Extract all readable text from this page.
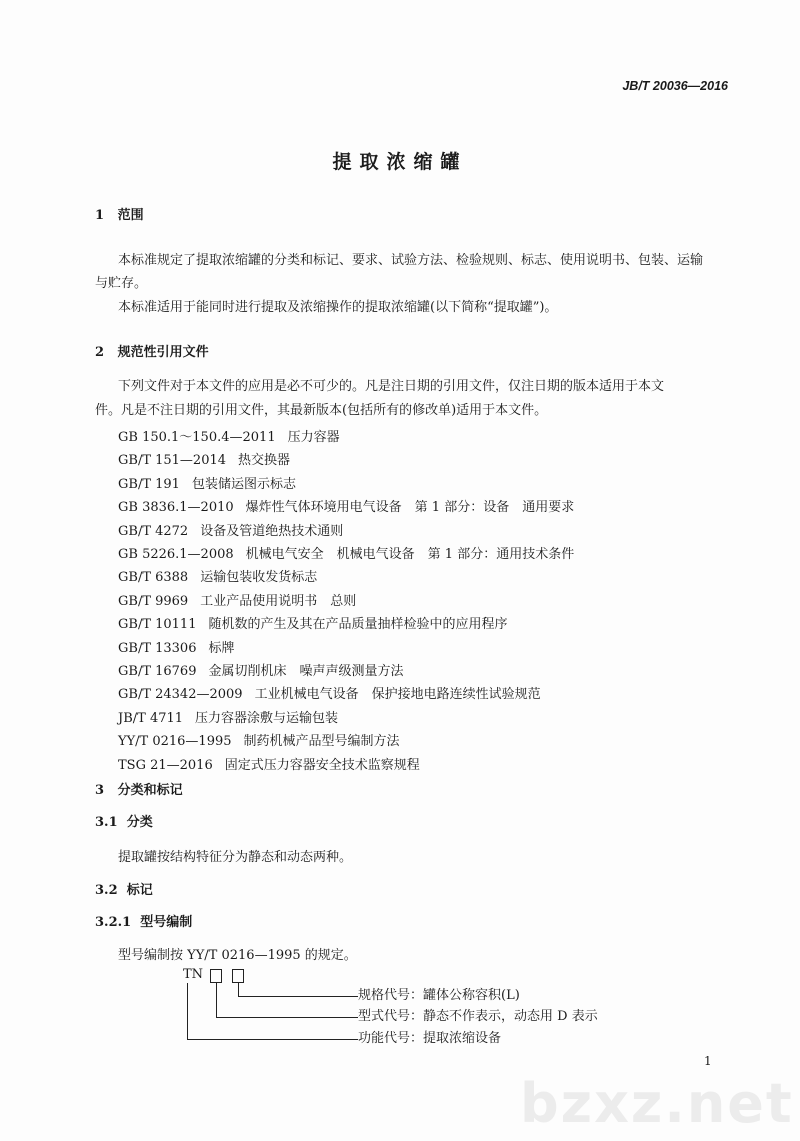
JB/T 20036—2016
提取浓缩罐
1 范围
本标准规定了提取浓缩罐的分类和标记、要求、试验方法、检验规则、标志、使用说明书、包装、运输
与贮存。
本标准适用于能同时进行提取及浓缩操作的提取浓缩罐(以下简称“提取罐”)。
2 规范性引用文件
下列文件对于本文件的应用是必不可少的。凡是注日期的引用文件，仅注日期的版本适用于本文
件。凡是不注日期的引用文件，其最新版本(包括所有的修改单)适用于本文件。
GB 150.1～150.4—2011 压力容器
GB/T 151—2014 热交换器
GB/T 191 包装储运图示标志
GB 3836.1—2010 爆炸性气体环境用电气设备　第 1 部分：设备　通用要求
GB/T 4272 设备及管道绝热技术通则
GB 5226.1—2008 机械电气安全　机械电气设备　第 1 部分：通用技术条件
GB/T 6388 运输包装收发货标志
GB/T 9969 工业产品使用说明书　总则
GB/T 10111 随机数的产生及其在产品质量抽样检验中的应用程序
GB/T 13306 标牌
GB/T 16769 金属切削机床　噪声声级测量方法
GB/T 24342—2009 工业机械电气设备　保护接地电路连续性试验规范
JB/T 4711 压力容器涂敷与运输包装
YY/T 0216—1995 制药机械产品型号编制方法
TSG 21—2016 固定式压力容器安全技术监察规程
3 分类和标记
3.1 分类
提取罐按结构特征分为静态和动态两种。
3.2 标记
3.2.1 型号编制
型号编制按 YY/T 0216—1995 的规定。
TN
规格代号：罐体公称容积(L)
型式代号：静态不作表示，动态用 D 表示
功能代号：提取浓缩设备
1
bzxz.net
